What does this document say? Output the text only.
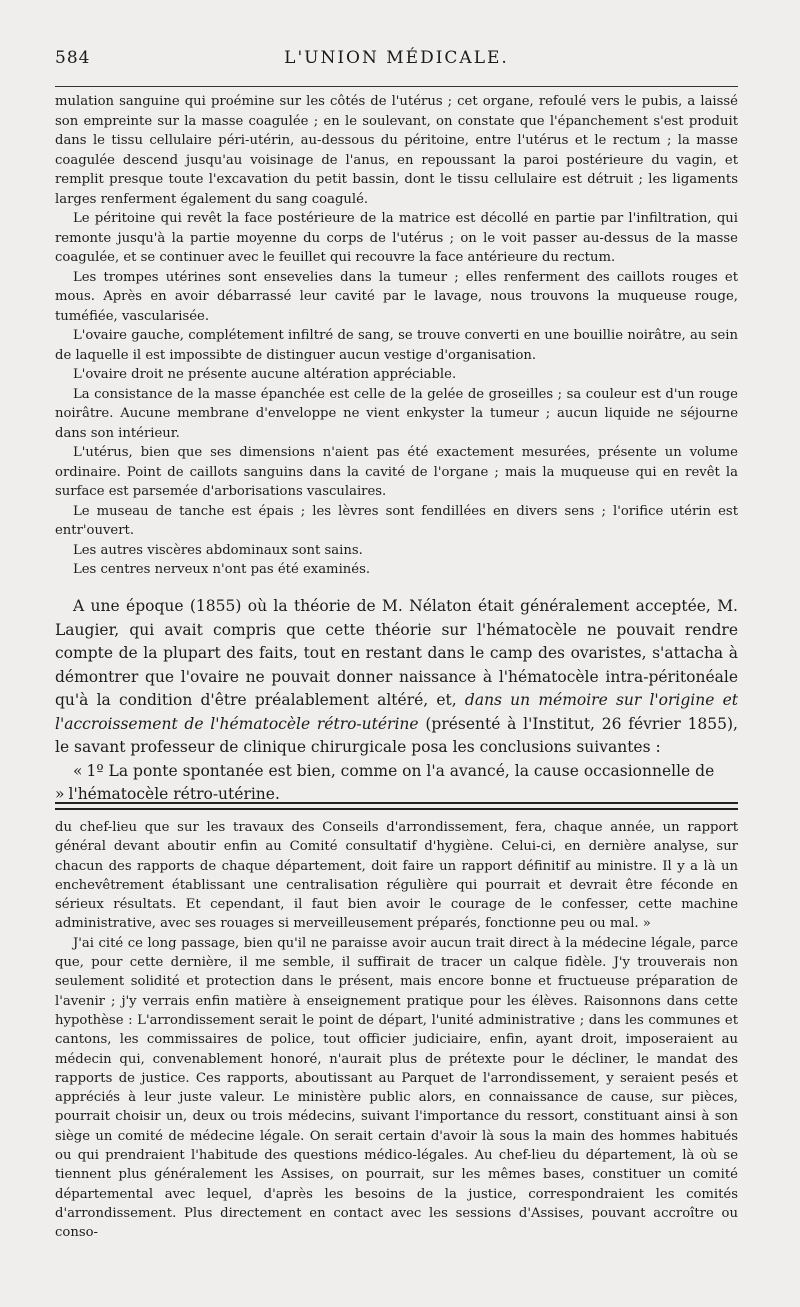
584	L'UNION MÉDICALE.

mulation sanguine qui proémine sur les côtés de l'utérus ; cet organe, refoulé vers le pubis, a laissé son empreinte sur la masse coagulée ; en le soulevant, on constate que l'épanchement s'est produit dans le tissu cellulaire péri-utérin, au-dessous du péritoine, entre l'utérus et le rectum ; la masse coagulée descend jusqu'au voisinage de l'anus, en repoussant la paroi postérieure du vagin, et remplit presque toute l'excavation du petit bassin, dont le tissu cellulaire est détruit ; les ligaments larges renferment également du sang coagulé.

Le péritoine qui revêt la face postérieure de la matrice est décollé en partie par l'infiltration, qui remonte jusqu'à la partie moyenne du corps de l'utérus ; on le voit passer au-dessus de la masse coagulée, et se continuer avec le feuillet qui recouvre la face antérieure du rectum.

Les trompes utérines sont ensevelies dans la tumeur ; elles renferment des caillots rouges et mous. Après en avoir débarrassé leur cavité par le lavage, nous trouvons la muqueuse rouge, tuméfiée, vascularisée.

L'ovaire gauche, complétement infiltré de sang, se trouve converti en une bouillie noirâtre, au sein de laquelle il est impossibte de distinguer aucun vestige d'organisation.

L'ovaire droit ne présente aucune altération appréciable.

La consistance de la masse épanchée est celle de la gelée de groseilles ; sa couleur est d'un rouge noirâtre. Aucune membrane d'enveloppe ne vient enkyster la tumeur ; aucun liquide ne séjourne dans son intérieur.

L'utérus, bien que ses dimensions n'aient pas été exactement mesurées, présente un volume ordinaire. Point de caillots sanguins dans la cavité de l'organe ; mais la muqueuse qui en revêt la surface est parsemée d'arborisations vasculaires.

Le museau de tanche est épais ; les lèvres sont fendillées en divers sens ; l'orifice utérin est entr'ouvert.

Les autres viscères abdominaux sont sains.

Les centres nerveux n'ont pas été examinés.

A une époque (1855) où la théorie de M. Nélaton était généralement acceptée, M. Laugier, qui avait compris que cette théorie sur l'hématocèle ne pouvait rendre compte de la plupart des faits, tout en restant dans le camp des ovaristes, s'attacha à démontrer que l'ovaire ne pouvait donner naissance à l'hématocèle intra-péritonéale qu'à la condition d'être préalablement altéré, et, dans un mémoire sur l'origine et l'accroissement de l'hématocèle rétro-utérine (présenté à l'Institut, 26 février 1855), le savant professeur de clinique chirurgicale posa les conclusions suivantes :

« 1º La ponte spontanée est bien, comme on l'a avancé, la cause occasionnelle de

» l'hématocèle rétro-utérine.

du chef-lieu que sur les travaux des Conseils d'arrondissement, fera, chaque année, un rapport général devant aboutir enfin au Comité consultatif d'hygiène. Celui-ci, en dernière analyse, sur chacun des rapports de chaque département, doit faire un rapport définitif au ministre. Il y a là un enchevêtrement établissant une centralisation régulière qui pourrait et devrait être féconde en sérieux résultats. Et cependant, il faut bien avoir le courage de le confesser, cette machine administrative, avec ses rouages si merveilleusement préparés, fonctionne peu ou mal. »

J'ai cité ce long passage, bien qu'il ne paraisse avoir aucun trait direct à la médecine légale, parce que, pour cette dernière, il me semble, il suffirait de tracer un calque fidèle. J'y trouverais non seulement solidité et protection dans le présent, mais encore bonne et fructueuse préparation de l'avenir ; j'y verrais enfin matière à enseignement pratique pour les élèves. Raisonnons dans cette hypothèse : L'arrondissement serait le point de départ, l'unité administrative ; dans les communes et cantons, les commissaires de police, tout officier judiciaire, enfin, ayant droit, imposeraient au médecin qui, convenablement honoré, n'aurait plus de prétexte pour le décliner, le mandat des rapports de justice. Ces rapports, aboutissant au Parquet de l'arrondissement, y seraient pesés et appréciés à leur juste valeur. Le ministère public alors, en connaissance de cause, sur pièces, pourrait choisir un, deux ou trois médecins, suivant l'importance du ressort, constituant ainsi à son siège un comité de médecine légale. On serait certain d'avoir là sous la main des hommes habitués ou qui prendraient l'habitude des questions médico-légales. Au chef-lieu du département, là où se tiennent plus généralement les Assises, on pourrait, sur les mêmes bases, constituer un comité départemental avec lequel, d'après les besoins de la justice, correspondraient les comités d'arrondissement. Plus directement en contact avec les sessions d'Assises, pouvant accroître ou conso-
